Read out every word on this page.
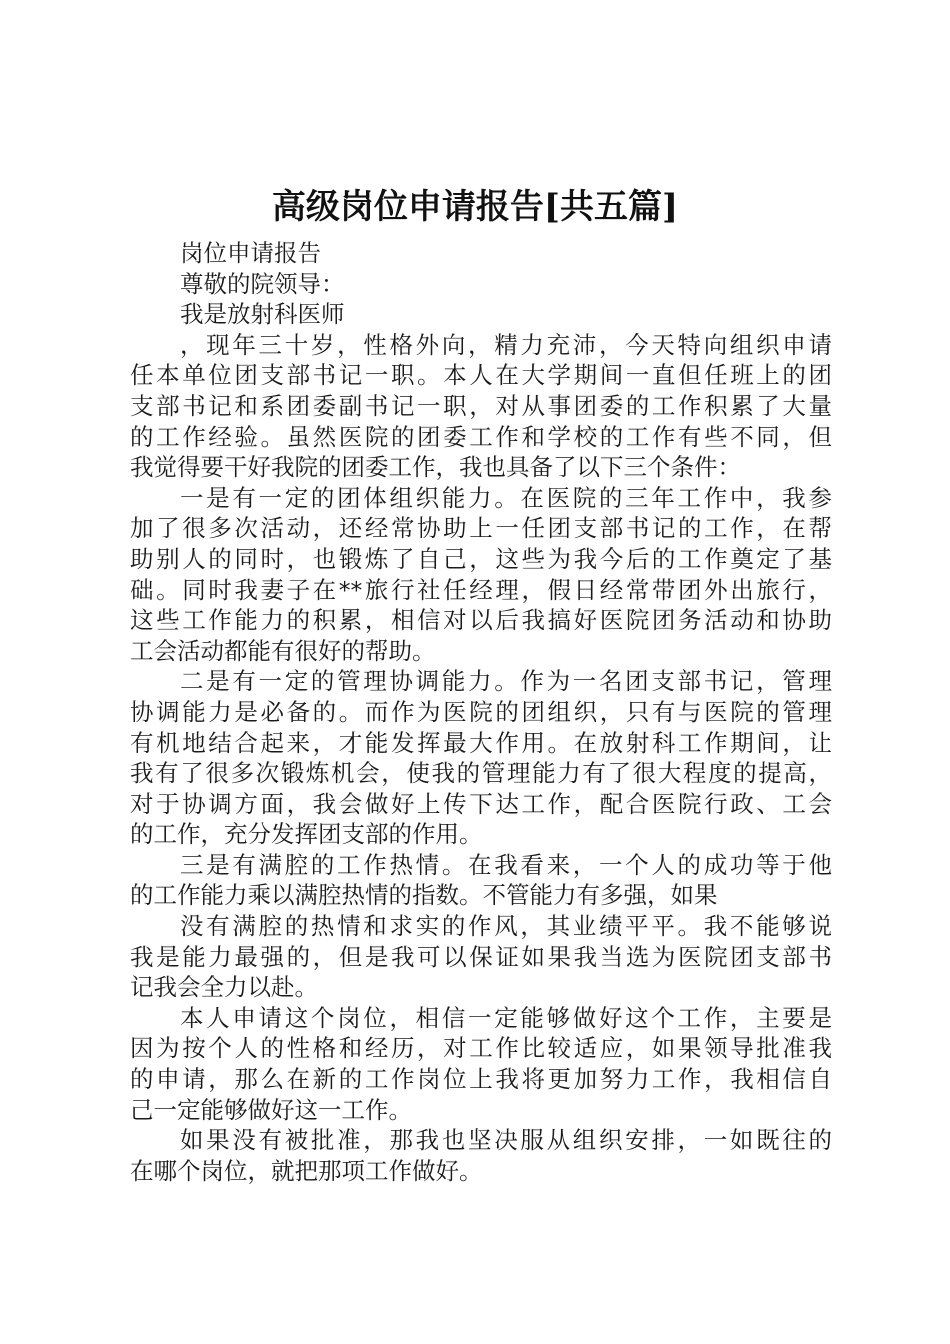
高级岗位申请报告[共五篇]
岗位申请报告
尊敬的院领导：
我是放射科医师
，现年三十岁，性格外向，精力充沛，今天特向组织申请
任本单位团支部书记一职。本人在大学期间一直但任班上的团
支部书记和系团委副书记一职，对从事团委的工作积累了大量
的工作经验。虽然医院的团委工作和学校的工作有些不同，但
我觉得要干好我院的团委工作，我也具备了以下三个条件：
一是有一定的团体组织能力。在医院的三年工作中，我参
加了很多次活动，还经常协助上一任团支部书记的工作，在帮
助别人的同时，也锻炼了自己，这些为我今后的工作奠定了基
础。同时我妻子在**旅行社任经理，假日经常带团外出旅行，
这些工作能力的积累，相信对以后我搞好医院团务活动和协助
工会活动都能有很好的帮助。
二是有一定的管理协调能力。作为一名团支部书记，管理
协调能力是必备的。而作为医院的团组织，只有与医院的管理
有机地结合起来，才能发挥最大作用。在放射科工作期间，让
我有了很多次锻炼机会，使我的管理能力有了很大程度的提高，
对于协调方面，我会做好上传下达工作，配合医院行政、工会
的工作，充分发挥团支部的作用。
三是有满腔的工作热情。在我看来，一个人的成功等于他
的工作能力乘以满腔热情的指数。不管能力有多强，如果
没有满腔的热情和求实的作风，其业绩平平。我不能够说
我是能力最强的，但是我可以保证如果我当选为医院团支部书
记我会全力以赴。
本人申请这个岗位，相信一定能够做好这个工作，主要是
因为按个人的性格和经历，对工作比较适应，如果领导批准我
的申请，那么在新的工作岗位上我将更加努力工作，我相信自
己一定能够做好这一工作。
如果没有被批准，那我也坚决服从组织安排，一如既往的
在哪个岗位，就把那项工作做好。
